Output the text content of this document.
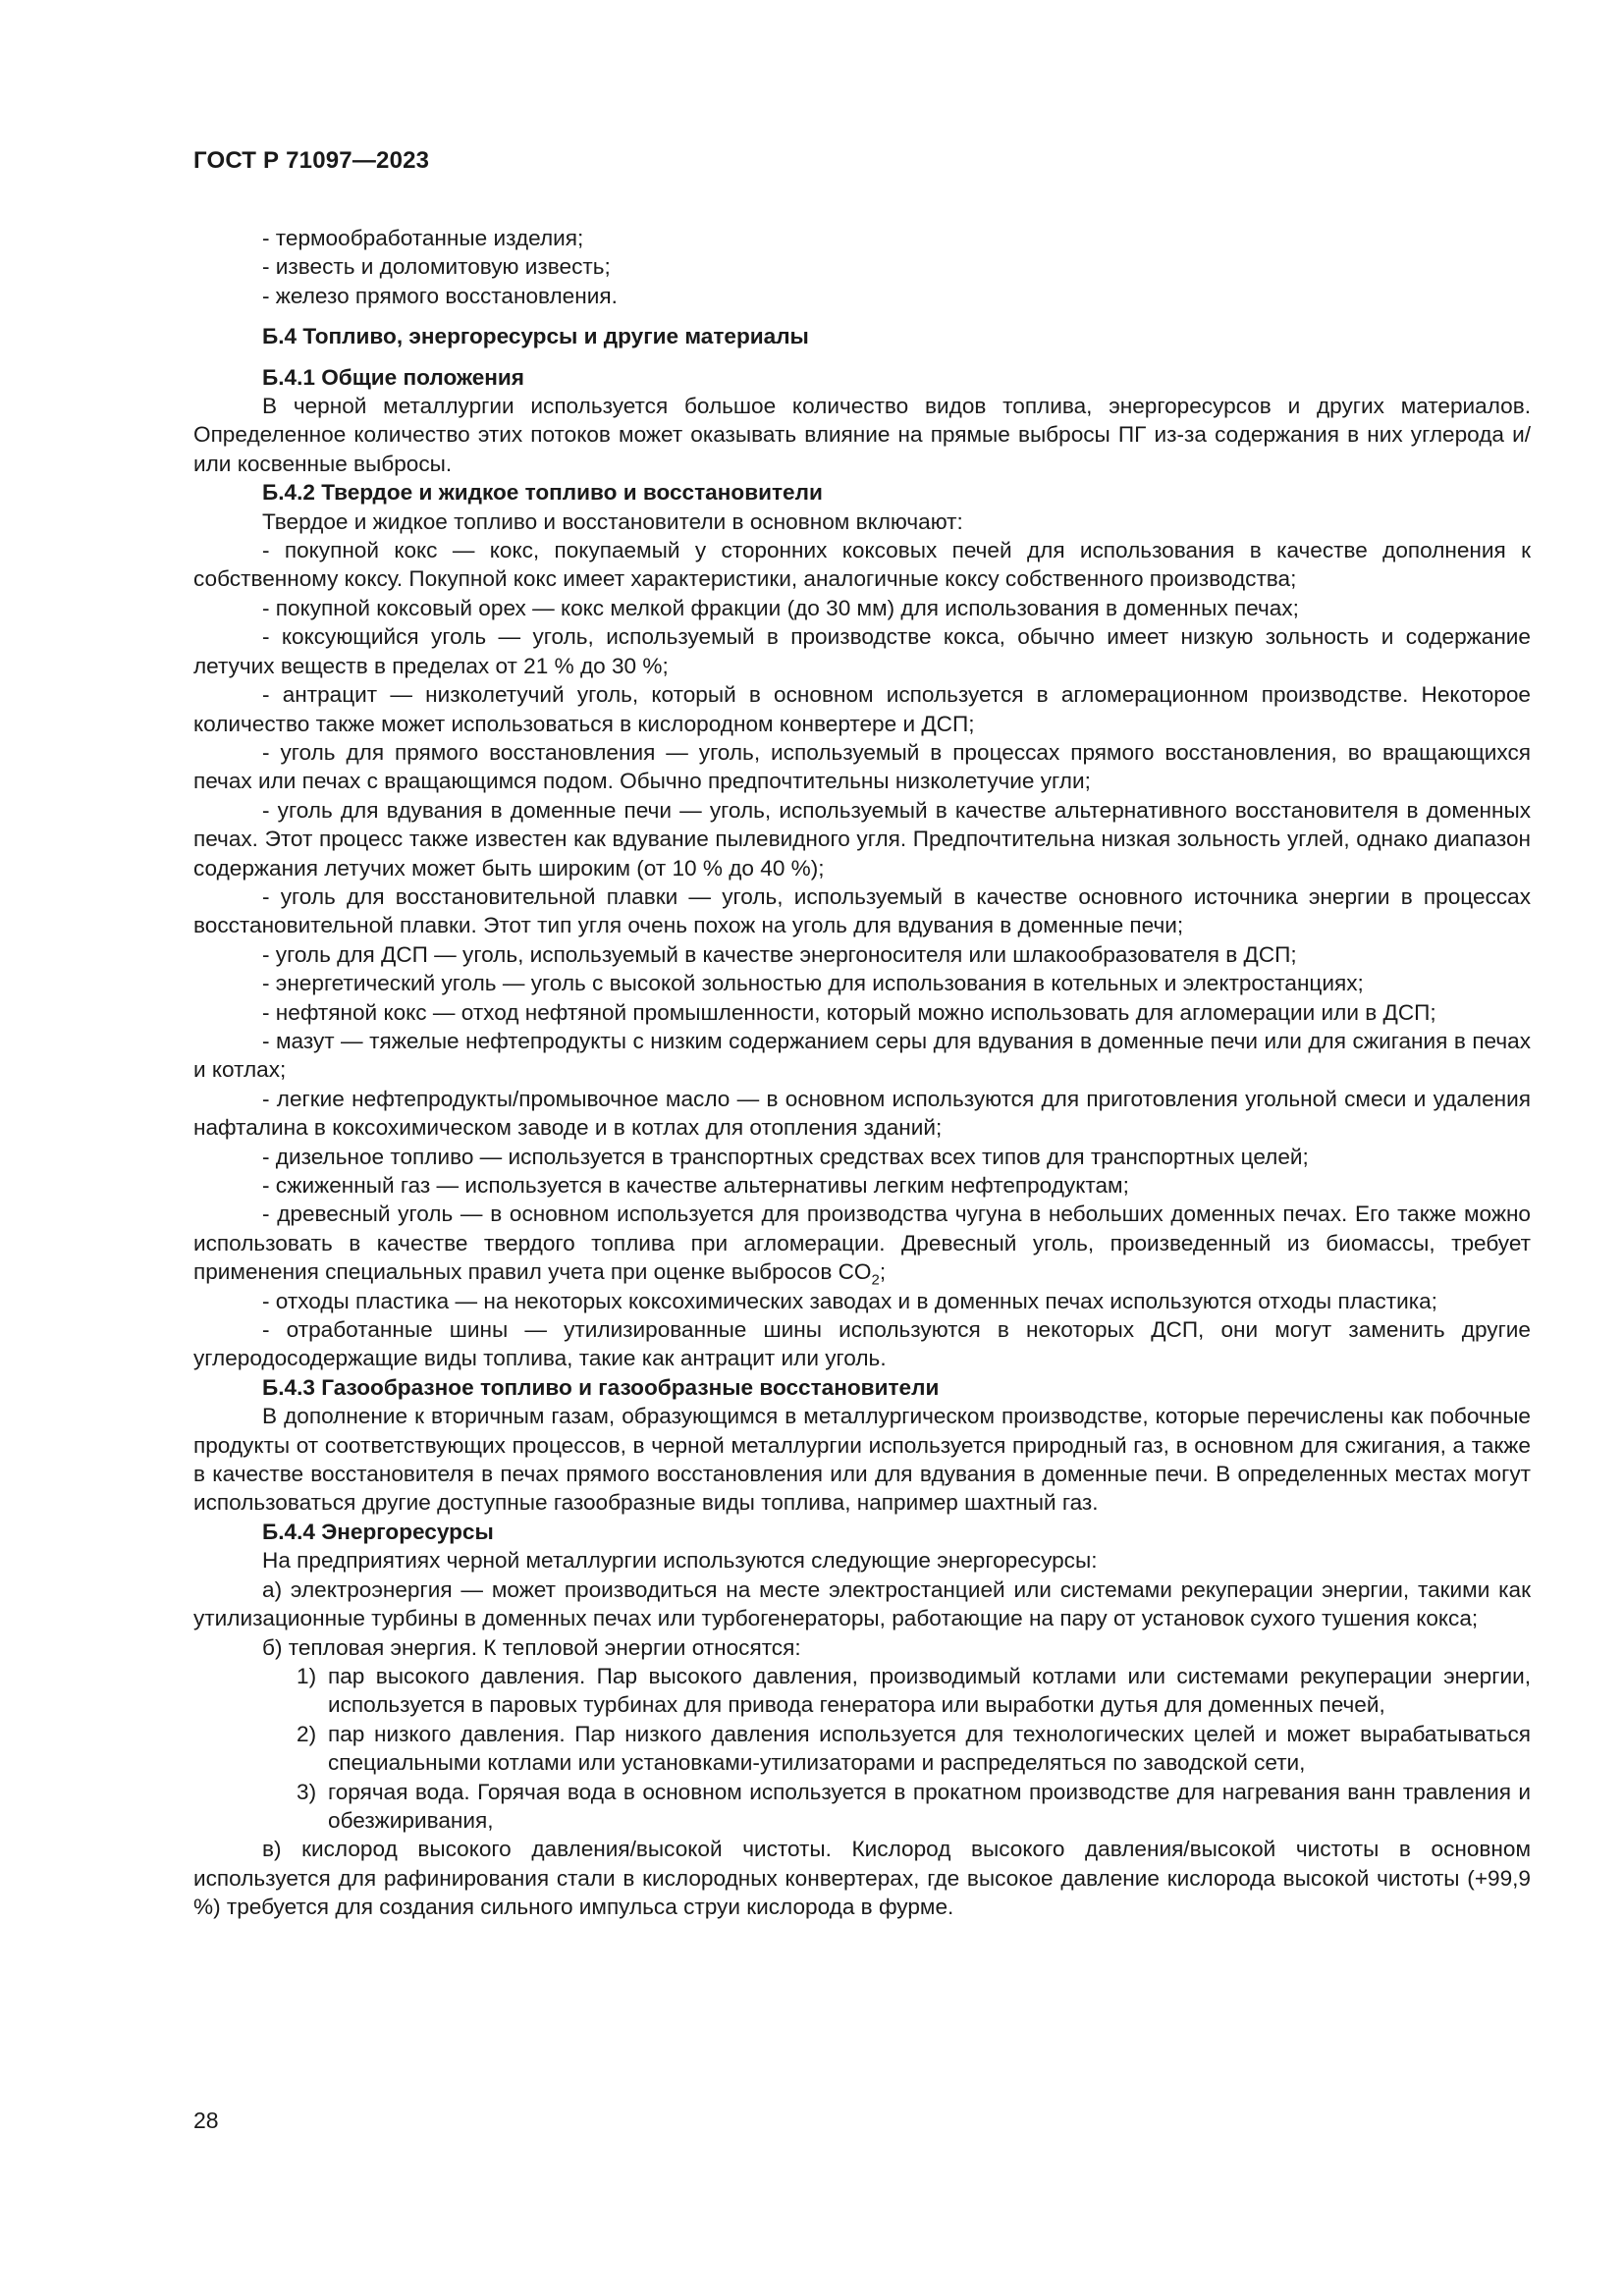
ГОСТ Р 71097—2023

- термообработанные изделия;

- известь и доломитовую известь;

- железо прямого восстановления.

Б.4 Топливо, энергоресурсы и другие материалы
Б.4.1 Общие положения

В черной металлургии используется большое количество видов топлива, энергоресурсов и других материалов. Определенное количество этих потоков может оказывать влияние на прямые выбросы ПГ из-за содержания в них углерода и/или косвенные выбросы.

Б.4.2 Твердое и жидкое топливо и восстановители

Твердое и жидкое топливо и восстановители в основном включают:

- покупной кокс — кокс, покупаемый у сторонних коксовых печей для использования в качестве дополнения к собственному коксу. Покупной кокс имеет характеристики, аналогичные коксу собственного производства;

- покупной коксовый орех — кокс мелкой фракции (до 30 мм) для использования в доменных печах;

- коксующийся уголь — уголь, используемый в производстве кокса, обычно имеет низкую зольность и содержание летучих веществ в пределах от 21 % до 30 %;

- антрацит — низколетучий уголь, который в основном используется в агломерационном производстве. Некоторое количество также может использоваться в кислородном конвертере и ДСП;

- уголь для прямого восстановления — уголь, используемый в процессах прямого восстановления, во вращающихся печах или печах с вращающимся подом. Обычно предпочтительны низколетучие угли;

- уголь для вдувания в доменные печи — уголь, используемый в качестве альтернативного восстановителя в доменных печах. Этот процесс также известен как вдувание пылевидного угля. Предпочтительна низкая зольность углей, однако диапазон содержания летучих может быть широким (от 10 % до 40 %);

- уголь для восстановительной плавки — уголь, используемый в качестве основного источника энергии в процессах восстановительной плавки. Этот тип угля очень похож на уголь для вдувания в доменные печи;

- уголь для ДСП — уголь, используемый в качестве энергоносителя или шлакообразователя в ДСП;

- энергетический уголь — уголь с высокой зольностью для использования в котельных и электростанциях;

- нефтяной кокс — отход нефтяной промышленности, который можно использовать для агломерации или в ДСП;

- мазут — тяжелые нефтепродукты с низким содержанием серы для вдувания в доменные печи или для сжигания в печах и котлах;

- легкие нефтепродукты/промывочное масло — в основном используются для приготовления угольной смеси и удаления нафталина в коксохимическом заводе и в котлах для отопления зданий;

- дизельное топливо — используется в транспортных средствах всех типов для транспортных целей;

- сжиженный газ — используется в качестве альтернативы легким нефтепродуктам;

- древесный уголь — в основном используется для производства чугуна в небольших доменных печах. Его также можно использовать в качестве твердого топлива при агломерации. Древесный уголь, произведенный из биомассы, требует применения специальных правил учета при оценке выбросов $CO_2$;

- отходы пластика — на некоторых коксохимических заводах и в доменных печах используются отходы пластика;

- отработанные шины — утилизированные шины используются в некоторых ДСП, они могут заменить другие углеродосодержащие виды топлива, такие как антрацит или уголь.

Б.4.3 Газообразное топливо и газообразные восстановители

В дополнение к вторичным газам, образующимся в металлургическом производстве, которые перечислены как побочные продукты от соответствующих процессов, в черной металлургии используется природный газ, в основном для сжигания, а также в качестве восстановителя в печах прямого восстановления или для вдувания в доменные печи. В определенных местах могут использоваться другие доступные газообразные виды топлива, например шахтный газ.

Б.4.4 Энергоресурсы

На предприятиях черной металлургии используются следующие энергоресурсы:

а) электроэнергия — может производиться на месте электростанцией или системами рекуперации энергии, такими как утилизационные турбины в доменных печах или турбогенераторы, работающие на пару от установок сухого тушения кокса;

б) тепловая энергия. К тепловой энергии относятся:

1) пар высокого давления. Пар высокого давления, производимый котлами или системами рекуперации энергии, используется в паровых турбинах для привода генератора или выработки дутья для доменных печей,
2) пар низкого давления. Пар низкого давления используется для технологических целей и может вырабатываться специальными котлами или установками-утилизаторами и распределяться по заводской сети,
3) горячая вода. Горячая вода в основном используется в прокатном производстве для нагревания ванн травления и обезжиривания,

в) кислород высокого давления/высокой чистоты. Кислород высокого давления/высокой чистоты в основном используется для рафинирования стали в кислородных конвертерах, где высокое давление кислорода высокой чистоты (+99,9 %) требуется для создания сильного импульса струи кислорода в фурме.

28
